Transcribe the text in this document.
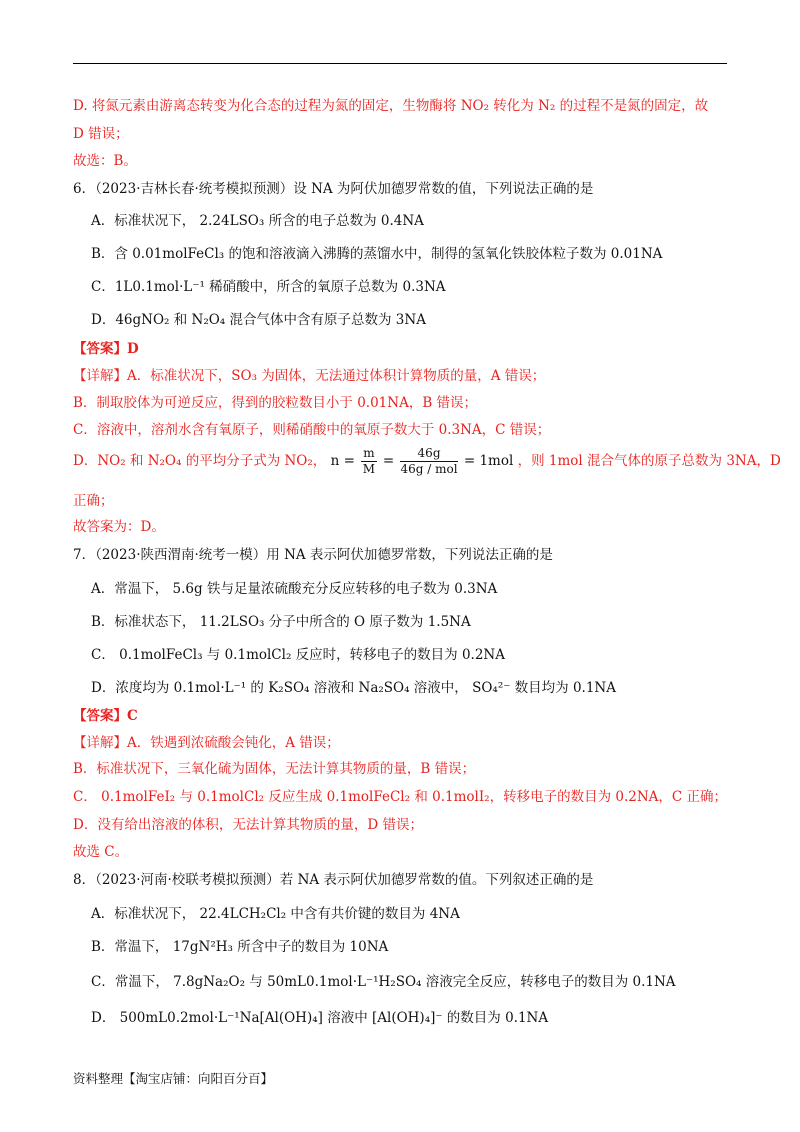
D. 将氮元素由游离态转变为化合态的过程为氮的固定，生物酶将 NO₂ 转化为 N₂ 的过程不是氮的固定，故
D 错误；
故选：B。
6．（2023·吉林长春·统考模拟预测）设 NA 为阿伏加德罗常数的值，下列说法正确的是
A．标准状况下， 2.24LSO₃ 所含的电子总数为 0.4NA
B．含 0.01molFeCl₃ 的饱和溶液滴入沸腾的蒸馏水中，制得的氢氧化铁胶体粒子数为 0.01NA
C．1L0.1mol·L⁻¹ 稀硝酸中，所含的氧原子总数为 0.3NA
D．46gNO₂ 和 N₂O₄ 混合气体中含有原子总数为 3NA
【答案】D
【详解】A．标准状况下，SO₃ 为固体，无法通过体积计算物质的量，A 错误；
B．制取胶体为可逆反应，得到的胶粒数目小于 0.01NA，B 错误；
C．溶液中，溶剂水含有氧原子，则稀硝酸中的氧原子数大于 0.3NA，C 错误；
D．NO₂ 和 N₂O₄ 的平均分子式为 NO₂， $n = \frac{m}{M} = \frac{46g}{\text{46g / mol}} = 1mol$ ，则 1mol 混合气体的原子总数为 3NA，D
正确；
故答案为：D。
7．（2023·陕西渭南·统考一模）用 NA 表示阿伏加德罗常数，下列说法正确的是
A．常温下， 5.6g 铁与足量浓硫酸充分反应转移的电子数为 0.3NA
B．标准状态下， 11.2LSO₃ 分子中所含的 O 原子数为 1.5NA
C． 0.1molFeCl₃ 与 0.1molCl₂ 反应时，转移电子的数目为 0.2NA
D．浓度均为 0.1mol·L⁻¹ 的 K₂SO₄ 溶液和 Na₂SO₄ 溶液中， SO₄²⁻ 数目均为 0.1NA
【答案】C
【详解】A．铁遇到浓硫酸会钝化，A 错误；
B．标准状况下，三氧化硫为固体，无法计算其物质的量，B 错误；
C． 0.1molFeI₂ 与 0.1molCl₂ 反应生成 0.1molFeCl₂ 和 0.1molI₂，转移电子的数目为 0.2NA，C 正确；
D．没有给出溶液的体积，无法计算其物质的量，D 错误；
故选 C。
8．（2023·河南·校联考模拟预测）若 NA 表示阿伏加德罗常数的值。下列叙述正确的是
A．标准状况下， 22.4LCH₂Cl₂ 中含有共价键的数目为 4NA
B．常温下， 17gN²H₃ 所含中子的数目为 10NA
C．常温下， 7.8gNa₂O₂ 与 50mL0.1mol·L⁻¹H₂SO₄ 溶液完全反应，转移电子的数目为 0.1NA
D． 500mL0.2mol·L⁻¹Na[Al(OH)₄] 溶液中 [Al(OH)₄]⁻ 的数目为 0.1NA
资料整理【淘宝店铺：向阳百分百】
